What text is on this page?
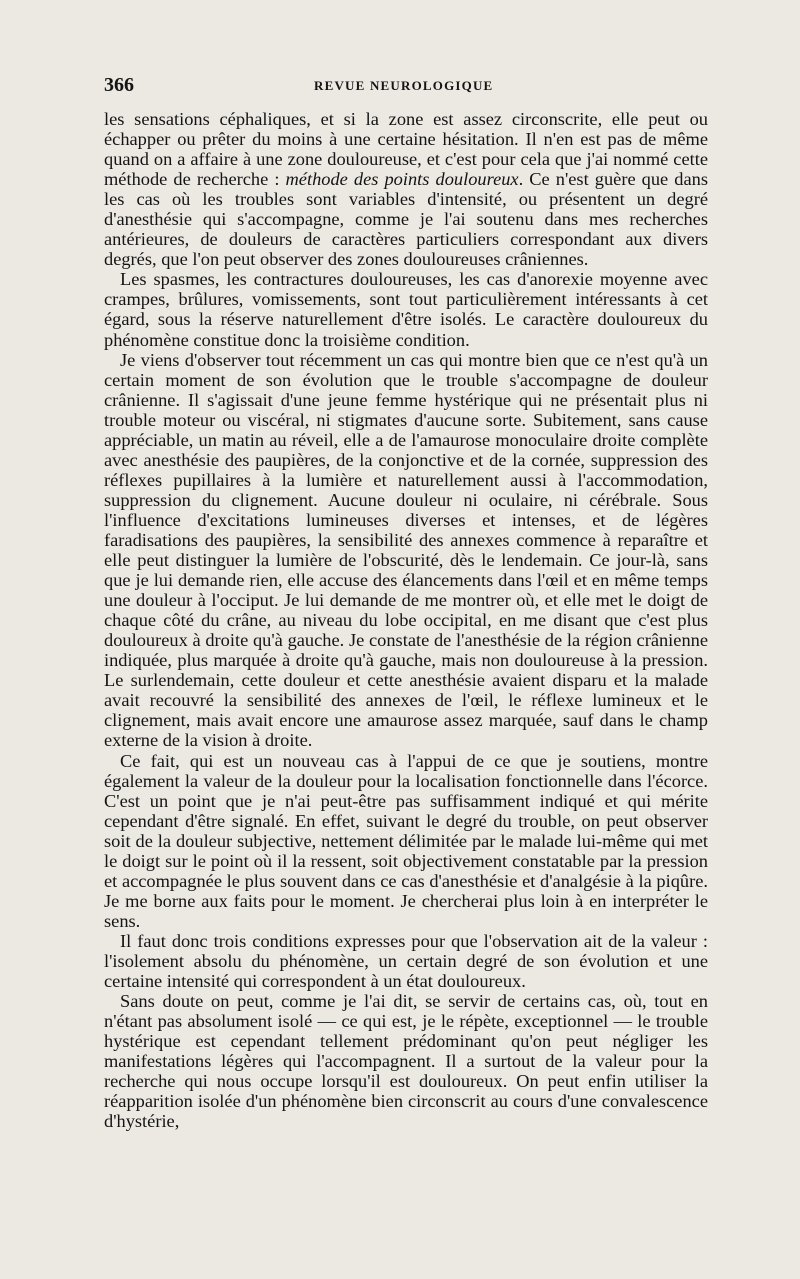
366	REVUE NEUROLOGIQUE

les sensations céphaliques, et si la zone est assez circonscrite, elle peut ou échapper ou prêter du moins à une certaine hésitation. Il n'en est pas de même quand on a affaire à une zone douloureuse, et c'est pour cela que j'ai nommé cette méthode de recherche : méthode des points douloureux. Ce n'est guère que dans les cas où les troubles sont variables d'intensité, ou présentent un degré d'anesthésie qui s'accompagne, comme je l'ai soutenu dans mes recherches antérieures, de douleurs de caractères particuliers correspondant aux divers degrés, que l'on peut observer des zones douloureuses crâniennes.

Les spasmes, les contractures douloureuses, les cas d'anorexie moyenne avec crampes, brûlures, vomissements, sont tout particulièrement intéressants à cet égard, sous la réserve naturellement d'être isolés. Le caractère douloureux du phénomène constitue donc la troisième condition.

Je viens d'observer tout récemment un cas qui montre bien que ce n'est qu'à un certain moment de son évolution que le trouble s'accompagne de douleur crânienne. Il s'agissait d'une jeune femme hystérique qui ne présentait plus ni trouble moteur ou viscéral, ni stigmates d'aucune sorte. Subitement, sans cause appréciable, un matin au réveil, elle a de l'amaurose monoculaire droite complète avec anesthésie des paupières, de la conjonctive et de la cornée, suppression des réflexes pupillaires à la lumière et naturellement aussi à l'accommodation, suppression du clignement. Aucune douleur ni oculaire, ni cérébrale. Sous l'influence d'excitations lumineuses diverses et intenses, et de légères faradisations des paupières, la sensibilité des annexes commence à reparaître et elle peut distinguer la lumière de l'obscurité, dès le lendemain. Ce jour-là, sans que je lui demande rien, elle accuse des élancements dans l'œil et en même temps une douleur à l'occiput. Je lui demande de me montrer où, et elle met le doigt de chaque côté du crâne, au niveau du lobe occipital, en me disant que c'est plus douloureux à droite qu'à gauche. Je constate de l'anesthésie de la région crânienne indiquée, plus marquée à droite qu'à gauche, mais non douloureuse à la pression. Le surlendemain, cette douleur et cette anesthésie avaient disparu et la malade avait recouvré la sensibilité des annexes de l'œil, le réflexe lumineux et le clignement, mais avait encore une amaurose assez marquée, sauf dans le champ externe de la vision à droite.

Ce fait, qui est un nouveau cas à l'appui de ce que je soutiens, montre également la valeur de la douleur pour la localisation fonctionnelle dans l'écorce. C'est un point que je n'ai peut-être pas suffisamment indiqué et qui mérite cependant d'être signalé. En effet, suivant le degré du trouble, on peut observer soit de la douleur subjective, nettement délimitée par le malade lui-même qui met le doigt sur le point où il la ressent, soit objectivement constatable par la pression et accompagnée le plus souvent dans ce cas d'anesthésie et d'analgésie à la piqûre. Je me borne aux faits pour le moment. Je chercherai plus loin à en interpréter le sens.

Il faut donc trois conditions expresses pour que l'observation ait de la valeur : l'isolement absolu du phénomène, un certain degré de son évolution et une certaine intensité qui correspondent à un état douloureux.

Sans doute on peut, comme je l'ai dit, se servir de certains cas, où, tout en n'étant pas absolument isolé — ce qui est, je le répète, exceptionnel — le trouble hystérique est cependant tellement prédominant qu'on peut négliger les manifestations légères qui l'accompagnent. Il a surtout de la valeur pour la recherche qui nous occupe lorsqu'il est douloureux. On peut enfin utiliser la réapparition isolée d'un phénomène bien circonscrit au cours d'une convalescence d'hystérie,
